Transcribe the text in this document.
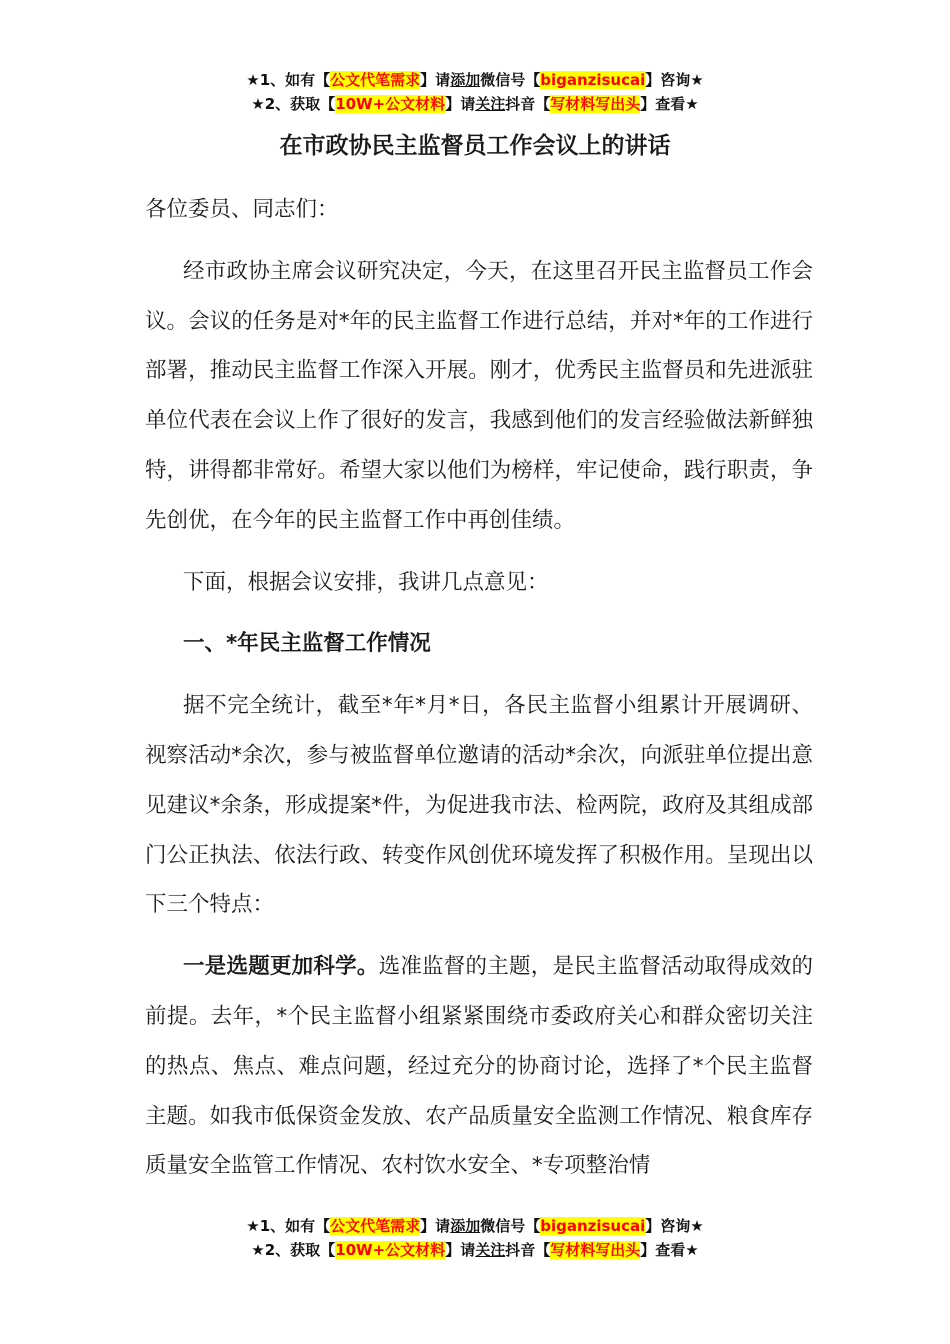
★1、如有【公文代笔需求】请添加微信号【biganzisucai】咨询★
★2、获取【10W+公文材料】请关注抖音【写材料写出头】查看★
在市政协民主监督员工作会议上的讲话

各位委员、同志们：

经市政协主席会议研究决定，今天，在这里召开民主监督员工作会议。会议的任务是对*年的民主监督工作进行总结，并对*年的工作进行部署，推动民主监督工作深入开展。刚才，优秀民主监督员和先进派驻单位代表在会议上作了很好的发言，我感到他们的发言经验做法新鲜独特，讲得都非常好。希望大家以他们为榜样，牢记使命，践行职责，争先创优，在今年的民主监督工作中再创佳绩。

下面，根据会议安排，我讲几点意见：

一、*年民主监督工作情况

据不完全统计，截至*年*月*日，各民主监督小组累计开展调研、视察活动*余次，参与被监督单位邀请的活动*余次，向派驻单位提出意见建议*余条，形成提案*件，为促进我市法、检两院，政府及其组成部门公正执法、依法行政、转变作风创优环境发挥了积极作用。呈现出以下三个特点：

一是选题更加科学。选准监督的主题，是民主监督活动取得成效的前提。去年，*个民主监督小组紧紧围绕市委政府关心和群众密切关注的热点、焦点、难点问题，经过充分的协商讨论，选择了*个民主监督主题。如我市低保资金发放、农产品质量安全监测工作情况、粮食库存质量安全监管工作情况、农村饮水安全、*专项整治情

★1、如有【公文代笔需求】请添加微信号【biganzisucai】咨询★
★2、获取【10W+公文材料】请关注抖音【写材料写出头】查看★
